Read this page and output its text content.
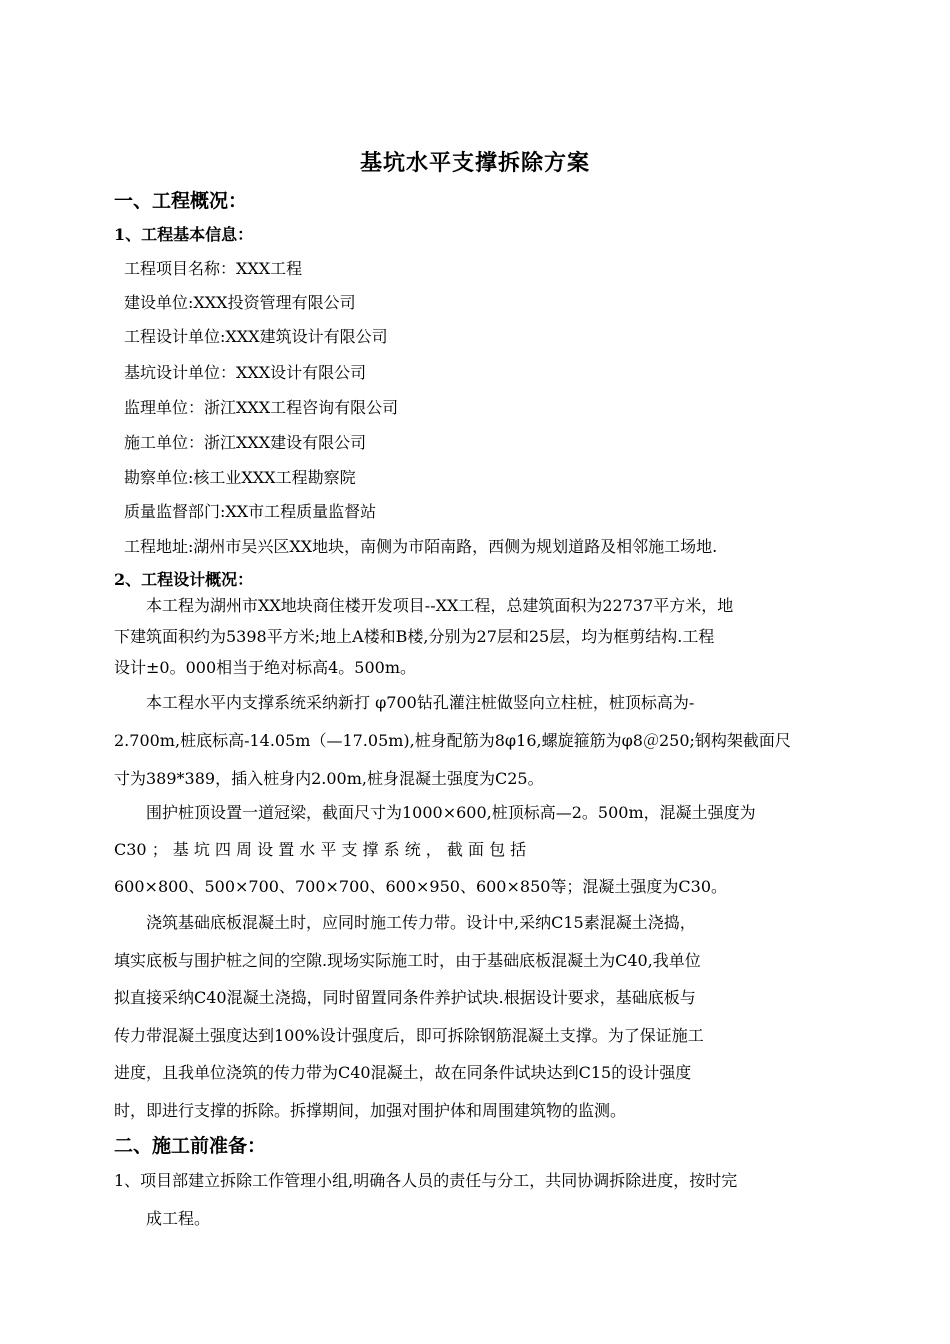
基坑水平支撑拆除方案
一、工程概况：
1、工程基本信息：
工程项目名称：XXX工程
建设单位:XXX投资管理有限公司
工程设计单位:XXX建筑设计有限公司
基坑设计单位：XXX设计有限公司
监理单位：浙江XXX工程咨询有限公司
施工单位：浙江XXX建设有限公司
勘察单位:核工业XXX工程勘察院
质量监督部门:XX市工程质量监督站
工程地址:湖州市吴兴区XX地块，南侧为市陌南路，西侧为规划道路及相邻施工场地.
2、工程设计概况：
本工程为湖州市XX地块商住楼开发项目--XX工程，总建筑面积为22737平方米，地
下建筑面积约为5398平方米;地上A楼和B楼,分别为27层和25层，均为框剪结构.工程
设计±0。000相当于绝对标高4。500m。
本工程水平内支撑系统采纳新打 φ700钻孔灌注桩做竖向立柱桩，桩顶标高为-
2.700m,桩底标高-14.05m（—17.05m),桩身配筋为8φ16,螺旋箍筋为φ8＠250;钢构架截面尺
寸为389*389，插入桩身内2.00m,桩身混凝土强度为C25。
围护桩顶设置一道冠梁，截面尺寸为1000×600,桩顶标高—2。500m，混凝土强度为
C30 ； 基 坑 四 周 设 置 水 平 支 撑 系 统 ， 截 面 包 括
600×800、500×700、700×700、600×950、600×850等；混凝土强度为C30。
浇筑基础底板混凝土时，应同时施工传力带。设计中,采纳C15素混凝土浇捣，
填实底板与围护桩之间的空隙.现场实际施工时，由于基础底板混凝土为C40,我单位
拟直接采纳C40混凝土浇捣，同时留置同条件养护试块.根据设计要求，基础底板与
传力带混凝土强度达到100%设计强度后，即可拆除钢筋混凝土支撑。为了保证施工
进度，且我单位浇筑的传力带为C40混凝土，故在同条件试块达到C15的设计强度
时，即进行支撑的拆除。拆撑期间，加强对围护体和周围建筑物的监测。
二、施工前准备：
1、项目部建立拆除工作管理小组,明确各人员的责任与分工，共同协调拆除进度，按时完
成工程。
